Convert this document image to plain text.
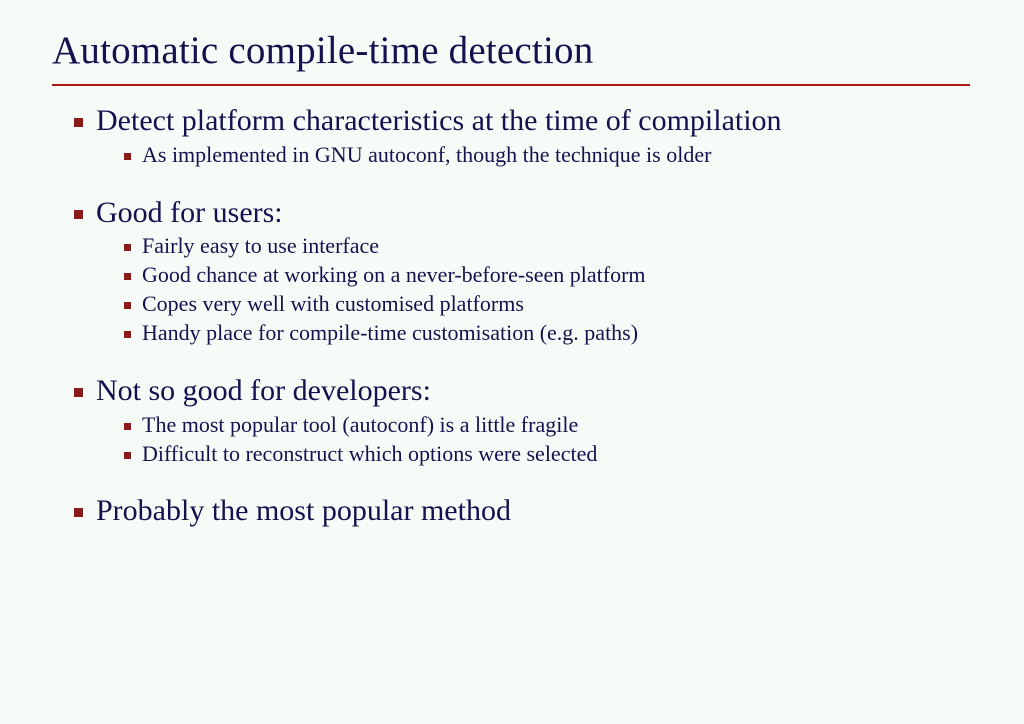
Automatic compile-time detection
Detect platform characteristics at the time of compilation
As implemented in GNU autoconf, though the technique is older
Good for users:
Fairly easy to use interface
Good chance at working on a never-before-seen platform
Copes very well with customised platforms
Handy place for compile-time customisation (e.g. paths)
Not so good for developers:
The most popular tool (autoconf) is a little fragile
Difficult to reconstruct which options were selected
Probably the most popular method
